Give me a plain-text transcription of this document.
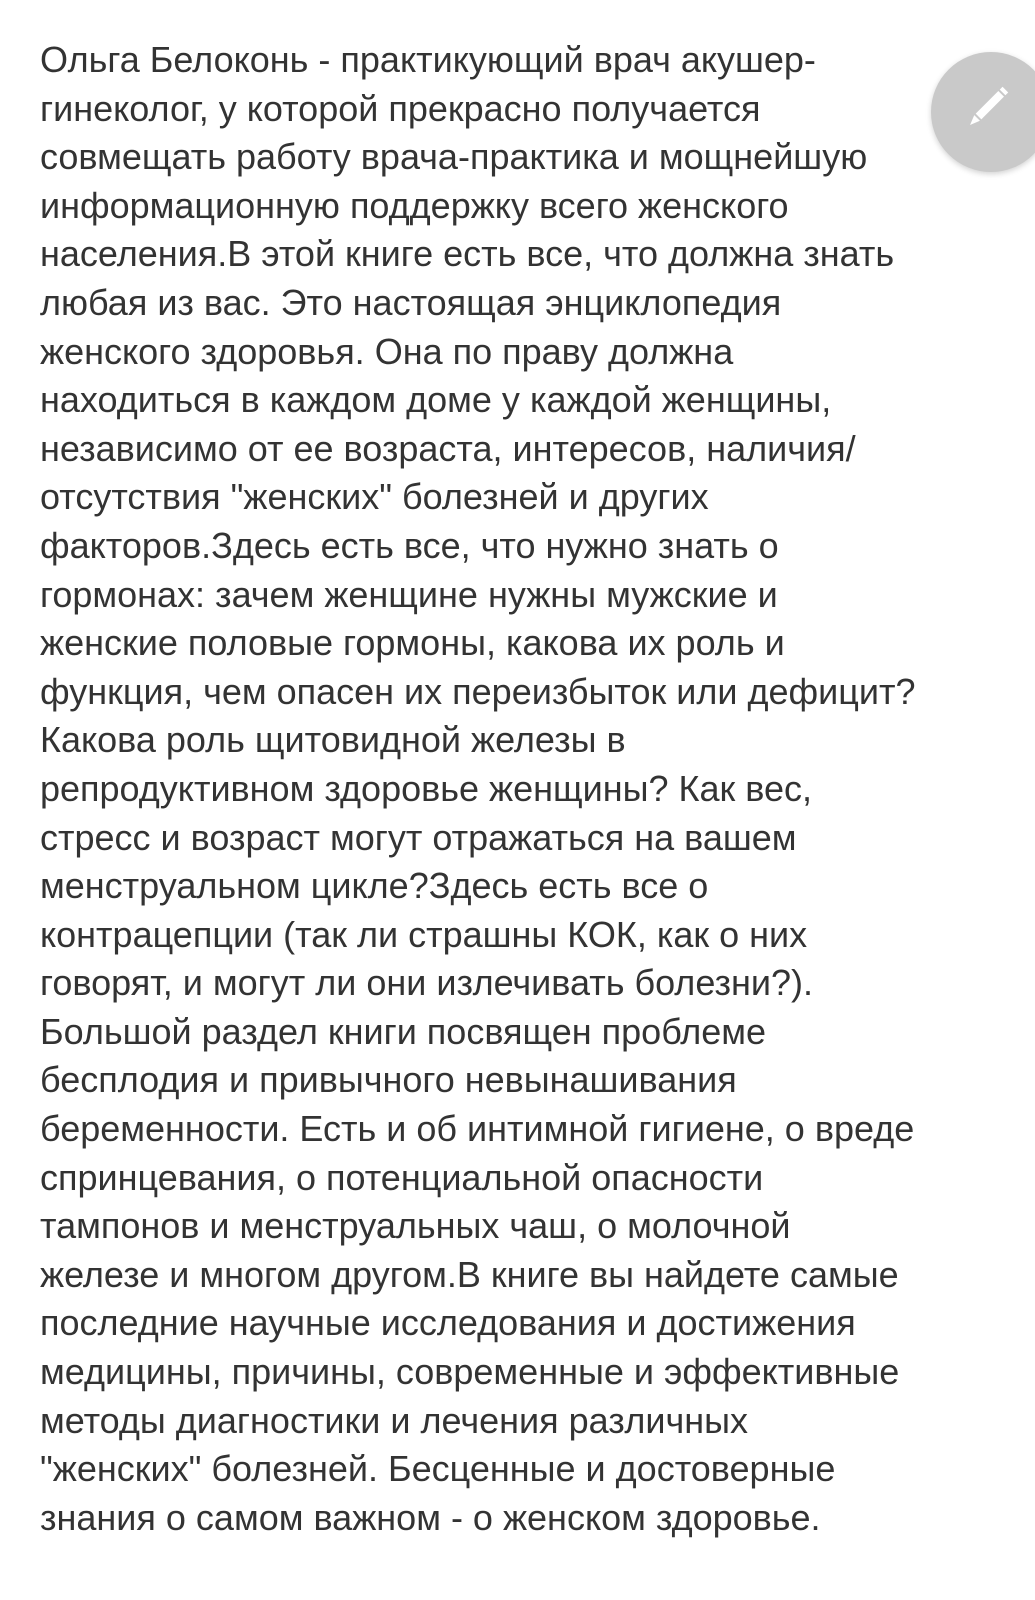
Ольга Белоконь - практикующий врач акушер-
гинеколог, у которой прекрасно получается
совмещать работу врача-практика и мощнейшую
информационную поддержку всего женского
населения.В этой книге есть все, что должна знать
любая из вас. Это настоящая энциклопедия
женского здоровья. Она по праву должна
находиться в каждом доме у каждой женщины,
независимо от ее возраста, интересов, наличия/
отсутствия "женских" болезней и других
факторов.Здесь есть все, что нужно знать о
гормонах: зачем женщине нужны мужские и
женские половые гормоны, какова их роль и
функция, чем опасен их переизбыток или дефицит?
Какова роль щитовидной железы в
репродуктивном здоровье женщины? Как вес,
стресс и возраст могут отражаться на вашем
менструальном цикле?Здесь есть все о
контрацепции (так ли страшны КОК, как о них
говорят, и могут ли они излечивать болезни?).
Большой раздел книги посвящен проблеме
бесплодия и привычного невынашивания
беременности. Есть и об интимной гигиене, о вреде
спринцевания, о потенциальной опасности
тампонов и менструальных чаш, о молочной
железе и многом другом.В книге вы найдете самые
последние научные исследования и достижения
медицины, причины, современные и эффективные
методы диагностики и лечения различных
"женских" болезней. Бесценные и достоверные
знания о самом важном - о женском здоровье.
